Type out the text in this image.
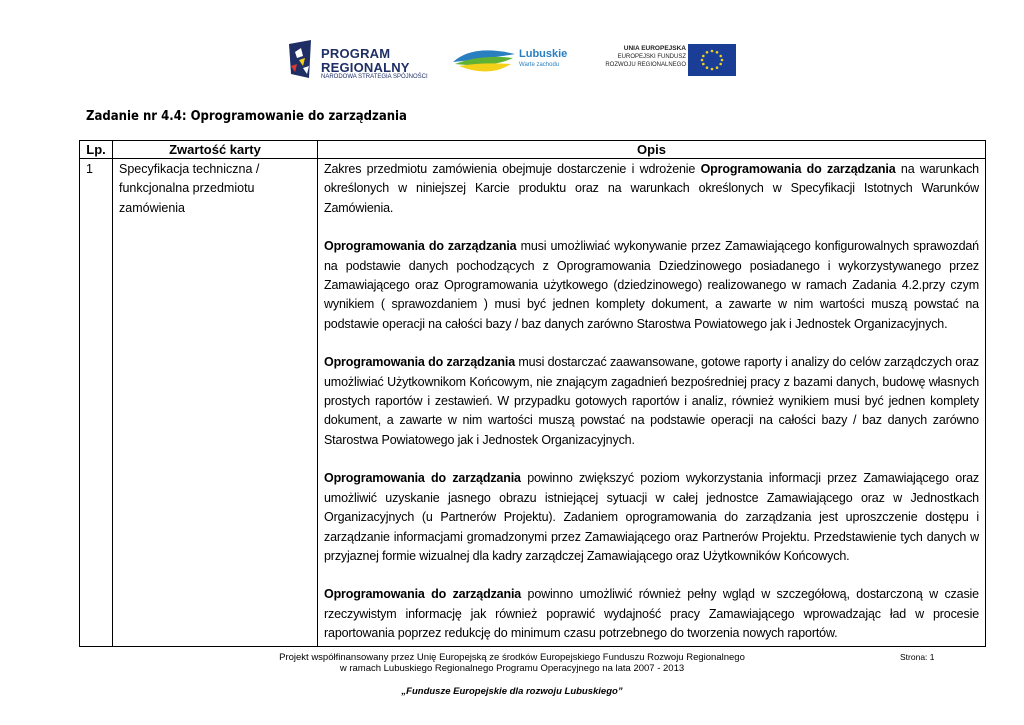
PROGRAM
REGIONALNY
NARODOWA STRATEGIA SPÓJNOŚCI
Lubuskie
Warte zachodu
UNIA EUROPEJSKA
EUROPEJSKI FUNDUSZ
ROZWOJU REGIONALNEGO
Zadanie nr 4.4: Oprogramowanie do zarządzania
Lp.	Zwartość karty	Opis
1	Specyfikacja techniczna / funkcjonalna przedmiotu zamówienia	Zakres przedmiotu zamówienia obejmuje dostarczenie i wdrożenie Oprogramowania do zarządzania na warunkach określonych w niniejszej Karcie produktu oraz na warunkach określonych w Specyfikacji Istotnych Warunków Zamówienia.

Oprogramowania do zarządzania musi umożliwiać wykonywanie przez Zamawiającego konfigurowalnych sprawozdań na podstawie danych pochodzących z Oprogramowania Dziedzinowego posiadanego i wykorzystywanego przez Zamawiającego oraz Oprogramowania użytkowego (dziedzinowego) realizowanego w ramach Zadania 4.2.przy czym wynikiem ( sprawozdaniem ) musi być jednen komplety dokument, a zawarte w nim wartości muszą powstać na podstawie operacji na całości bazy / baz danych zarówno Starostwa Powiatowego jak i Jednostek Organizacyjnych.

Oprogramowania do zarządzania musi dostarczać zaawansowane, gotowe raporty i analizy do celów zarządczych oraz umożliwiać Użytkownikom Końcowym, nie znającym zagadnień bezpośredniej pracy z bazami danych, budowę własnych prostych raportów i zestawień. W przypadku gotowych raportów i analiz, również wynikiem musi być jednen komplety dokument, a zawarte w nim wartości muszą powstać na podstawie operacji na całości bazy / baz danych zarówno Starostwa Powiatowego jak i Jednostek Organizacyjnych.

Oprogramowania do zarządzania powinno zwiększyć poziom wykorzystania informacji przez Zamawiającego oraz umożliwić uzyskanie jasnego obrazu istniejącej sytuacji w całej jednostce Zamawiającego oraz w Jednostkach Organizacyjnych (u Partnerów Projektu). Zadaniem oprogramowania do zarządzania jest uproszczenie dostępu i zarządzanie informacjami gromadzonymi przez Zamawiającego oraz Partnerów Projektu. Przedstawienie tych danych w przyjaznej formie wizualnej dla kadry zarządczej Zamawiającego oraz Użytkowników Końcowych.

Oprogramowania do zarządzania powinno umożliwić również pełny wgląd w szczegółową, dostarczoną w czasie rzeczywistym informację jak również poprawić wydajność pracy Zamawiającego wprowadzając ład w procesie raportowania poprzez redukcję do minimum czasu potrzebnego do tworzenia nowych raportów.

Projekt współfinansowany przez Unię Europejską ze środków Europejskiego Funduszu Rozwoju Regionalnego
w ramach Lubuskiego Regionalnego Programu Operacyjnego na lata 2007 - 2013
Strona: 1
„Fundusze Europejskie dla rozwoju Lubuskiego”
